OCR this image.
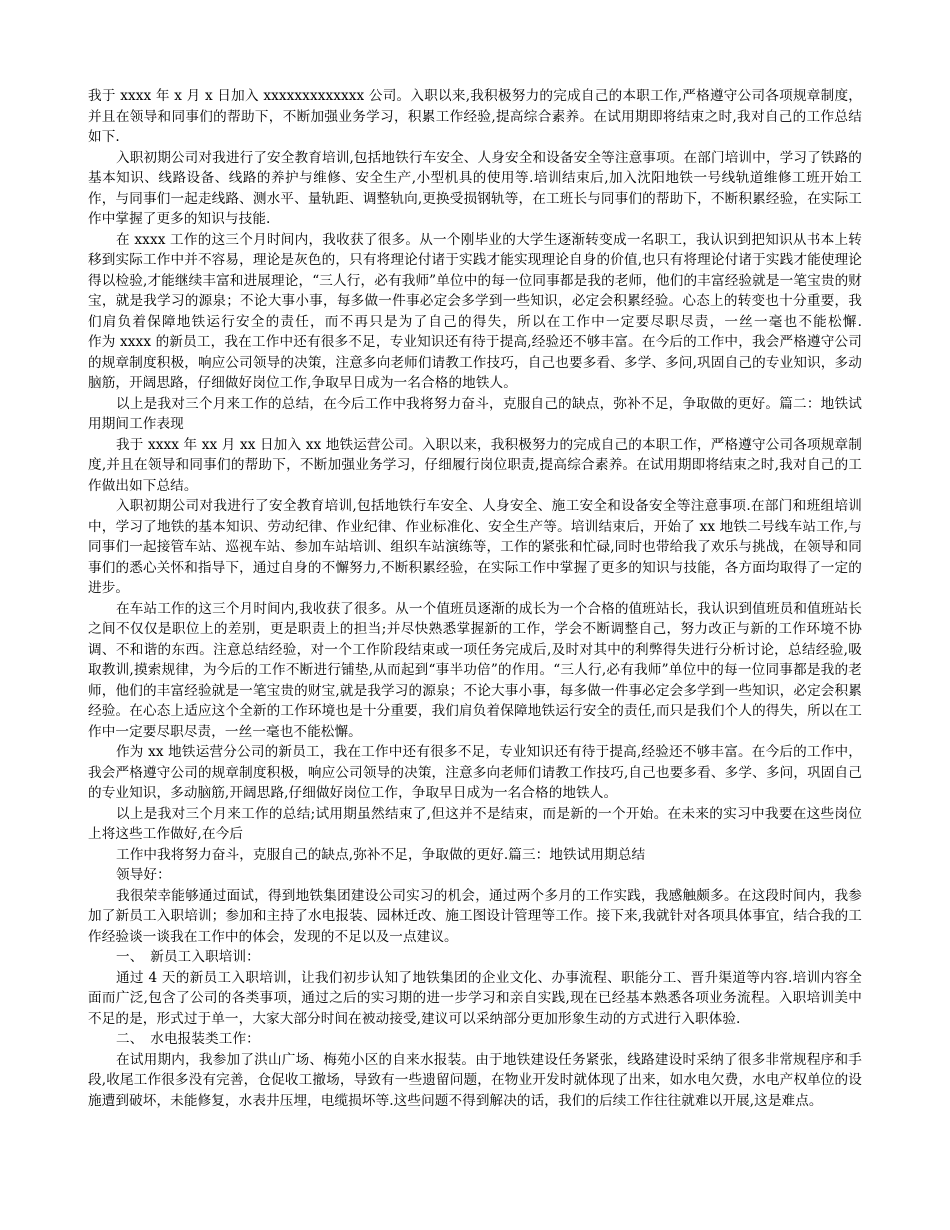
我于 xxxx 年 x 月 x 日加入 xxxxxxxxxxxxx 公司。入职以来,我积极努力的完成自己的本职工作,严格遵守公司各项规章制度，并且在领导和同事们的帮助下，不断加强业务学习，积累工作经验,提高综合素养。在试用期即将结束之时,我对自己的工作总结如下.

入职初期公司对我进行了安全教育培训,包括地铁行车安全、人身安全和设备安全等注意事项。在部门培训中，学习了铁路的基本知识、线路设备、线路的养护与维修、安全生产,小型机具的使用等.培训结束后,加入沈阳地铁一号线轨道维修工班开始工作，与同事们一起走线路、测水平、量轨距、调整轨向,更换受损钢轨等，在工班长与同事们的帮助下，不断积累经验，在实际工作中掌握了更多的知识与技能.

在 xxxx 工作的这三个月时间内，我收获了很多。从一个刚毕业的大学生逐渐转变成一名职工，我认识到把知识从书本上转移到实际工作中并不容易，理论是灰色的，只有将理论付诸于实践才能实现理论自身的价值,也只有将理论付诸于实践才能使理论得以检验,才能继续丰富和进展理论，“三人行，必有我师”单位中的每一位同事都是我的老师，他们的丰富经验就是一笔宝贵的财宝，就是我学习的源泉；不论大事小事，每多做一件事必定会多学到一些知识，必定会积累经验。心态上的转变也十分重要，我们肩负着保障地铁运行安全的责任，而不再只是为了自己的得失，所以在工作中一定要尽职尽责，一丝一毫也不能松懈.　　　　作为 xxxx 的新员工，我在工作中还有很多不足，专业知识还有待于提高,经验还不够丰富。在今后的工作中，我会严格遵守公司的规章制度积极，响应公司领导的决策，注意多向老师们请教工作技巧，自己也要多看、多学、多问,巩固自己的专业知识，多动脑筋，开阔思路，仔细做好岗位工作,争取早日成为一名合格的地铁人。

以上是我对三个月来工作的总结，在今后工作中我将努力奋斗，克服自己的缺点，弥补不足，争取做的更好。篇二：地铁试用期间工作表现

我于 xxxx 年 xx 月 xx 日加入 xx 地铁运营公司。入职以来，我积极努力的完成自己的本职工作，严格遵守公司各项规章制度,并且在领导和同事们的帮助下，不断加强业务学习，仔细履行岗位职责,提高综合素养。在试用期即将结束之时,我对自己的工作做出如下总结。

入职初期公司对我进行了安全教育培训,包括地铁行车安全、人身安全、施工安全和设备安全等注意事项.在部门和班组培训中，学习了地铁的基本知识、劳动纪律、作业纪律、作业标准化、安全生产等。培训结束后，开始了 xx 地铁二号线车站工作,与同事们一起接管车站、巡视车站、参加车站培训、组织车站演练等，工作的紧张和忙碌,同时也带给我了欢乐与挑战，在领导和同事们的悉心关怀和指导下，通过自身的不懈努力,不断积累经验，在实际工作中掌握了更多的知识与技能，各方面均取得了一定的进步。

在车站工作的这三个月时间内,我收获了很多。从一个值班员逐渐的成长为一个合格的值班站长，我认识到值班员和值班站长之间不仅仅是职位上的差别，更是职责上的担当;并尽快熟悉掌握新的工作，学会不断调整自己，努力改正与新的工作环境不协调、不和谐的东西。注意总结经验，对一个工作阶段结束或一项任务完成后,及时对其中的利弊得失进行分析讨论，总结经验,吸取教训,摸索规律，为今后的工作不断进行铺垫,从而起到“事半功倍”的作用。“三人行,必有我师”单位中的每一位同事都是我的老师，他们的丰富经验就是一笔宝贵的财宝,就是我学习的源泉；不论大事小事，每多做一件事必定会多学到一些知识，必定会积累经验。在心态上适应这个全新的工作环境也是十分重要，我们肩负着保障地铁运行安全的责任,而只是我们个人的得失，所以在工作中一定要尽职尽责，一丝一毫也不能松懈。

作为 xx 地铁运营分公司的新员工，我在工作中还有很多不足，专业知识还有待于提高,经验还不够丰富。在今后的工作中，我会严格遵守公司的规章制度积极，响应公司领导的决策，注意多向老师们请教工作技巧,自己也要多看、多学、多问，巩固自己的专业知识，多动脑筋,开阔思路,仔细做好岗位工作，争取早日成为一名合格的地铁人。

以上是我对三个月来工作的总结;试用期虽然结束了,但这并不是结束，而是新的一个开始。在未来的实习中我要在这些岗位上将这些工作做好,在今后

工作中我将努力奋斗，克服自己的缺点,弥补不足，争取做的更好.篇三：地铁试用期总结

领导好：

我很荣幸能够通过面试，得到地铁集团建设公司实习的机会，通过两个多月的工作实践，我感触颇多。在这段时间内，我参加了新员工入职培训；参加和主持了水电报装、园林迁改、施工图设计管理等工作。接下来,我就针对各项具体事宜，结合我的工作经验谈一谈我在工作中的体会，发现的不足以及一点建议。

一、　新员工入职培训：

通过 4 天的新员工入职培训，让我们初步认知了地铁集团的企业文化、办事流程、职能分工、晋升渠道等内容.培训内容全面而广泛,包含了公司的各类事项，通过之后的实习期的进一步学习和亲自实践,现在已经基本熟悉各项业务流程。入职培训美中不足的是，形式过于单一，大家大部分时间在被动接受,建议可以采纳部分更加形象生动的方式进行入职体验.

二、　水电报装类工作：

在试用期内，我参加了洪山广场、梅苑小区的自来水报装。由于地铁建设任务紧张，线路建设时采纳了很多非常规程序和手段,收尾工作很多没有完善，仓促收工撤场，导致有一些遗留问题，在物业开发时就体现了出来，如水电欠费，水电产权单位的设施遭到破坏，未能修复，水表井压埋，电缆损坏等.这些问题不得到解决的话，我们的后续工作往往就难以开展,这是难点。
